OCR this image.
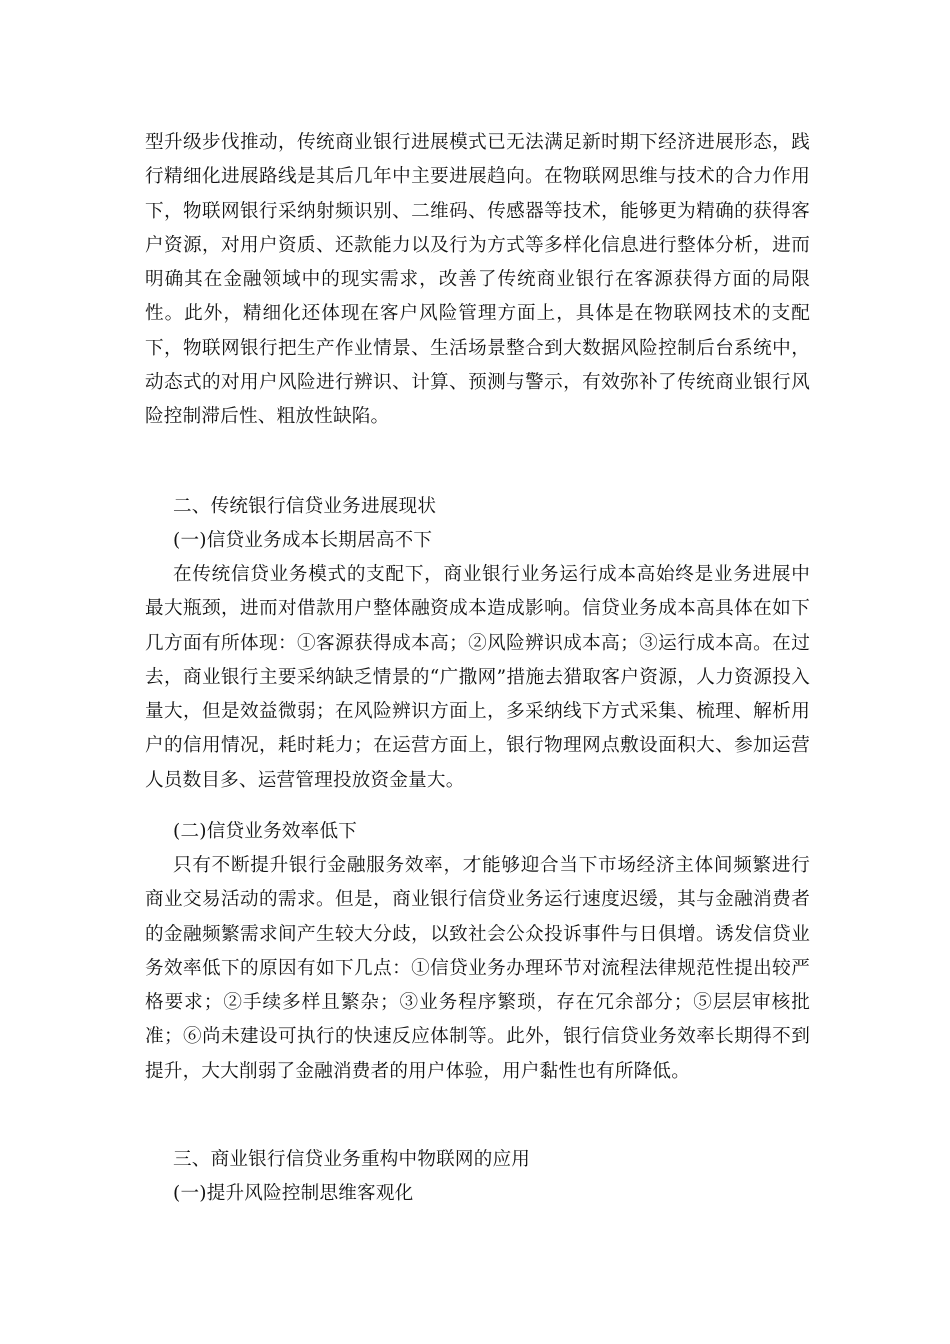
型升级步伐推动，传统商业银行进展模式已无法满足新时期下经济进展形态，践行精细化进展路线是其后几年中主要进展趋向。在物联网思维与技术的合力作用下，物联网银行采纳射频识别、二维码、传感器等技术，能够更为精确的获得客户资源，对用户资质、还款能力以及行为方式等多样化信息进行整体分析，进而明确其在金融领域中的现实需求，改善了传统商业银行在客源获得方面的局限性。此外，精细化还体现在客户风险管理方面上，具体是在物联网技术的支配下，物联网银行把生产作业情景、生活场景整合到大数据风险控制后台系统中，动态式的对用户风险进行辨识、计算、预测与警示，有效弥补了传统商业银行风险控制滞后性、粗放性缺陷。

二、传统银行信贷业务进展现状

(一)信贷业务成本长期居高不下

在传统信贷业务模式的支配下，商业银行业务运行成本高始终是业务进展中最大瓶颈，进而对借款用户整体融资成本造成影响。信贷业务成本高具体在如下几方面有所体现：①客源获得成本高；②风险辨识成本高；③运行成本高。在过去，商业银行主要采纳缺乏情景的“广撒网”措施去猎取客户资源，人力资源投入量大，但是效益微弱；在风险辨识方面上，多采纳线下方式采集、梳理、解析用户的信用情况，耗时耗力；在运营方面上，银行物理网点敷设面积大、参加运营人员数目多、运营管理投放资金量大。

(二)信贷业务效率低下

只有不断提升银行金融服务效率，才能够迎合当下市场经济主体间频繁进行商业交易活动的需求。但是，商业银行信贷业务运行速度迟缓，其与金融消费者的金融频繁需求间产生较大分歧，以致社会公众投诉事件与日俱增。诱发信贷业务效率低下的原因有如下几点：①信贷业务办理环节对流程法律规范性提出较严格要求；②手续多样且繁杂；③业务程序繁琐，存在冗余部分；⑤层层审核批准；⑥尚未建设可执行的快速反应体制等。此外，银行信贷业务效率长期得不到提升，大大削弱了金融消费者的用户体验，用户黏性也有所降低。

三、商业银行信贷业务重构中物联网的应用

(一)提升风险控制思维客观化
